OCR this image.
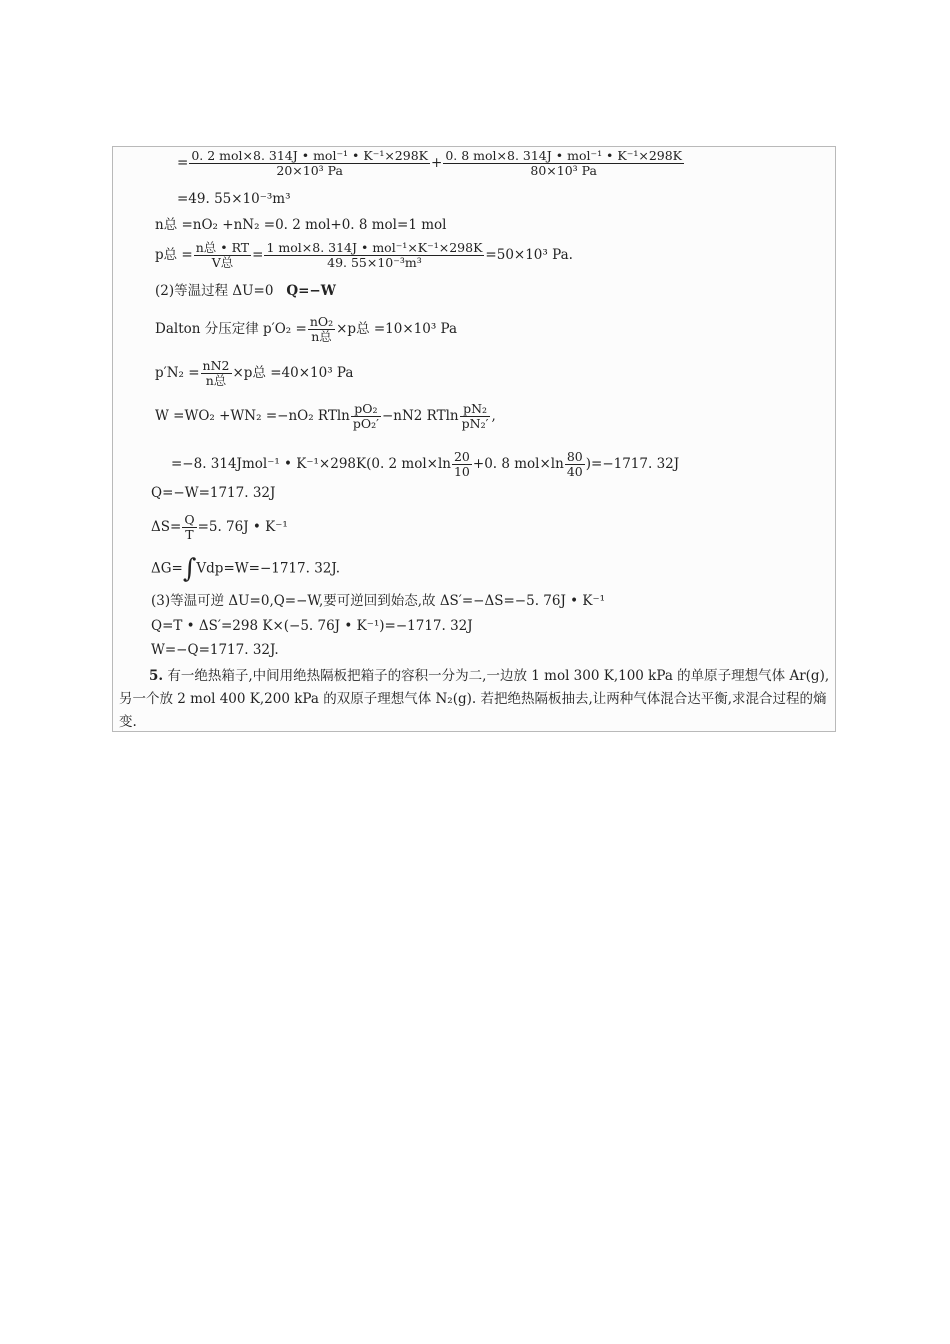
= $\frac{\text{0. 2 mol×8. 314J • mol⁻¹ • K⁻¹×298K}}{\text{20×10³ Pa}} + \frac{\text{0. 8 mol×8. 314J • mol⁻¹ • K⁻¹×298K}}{\text{80×10³ Pa}}$
=49. 55×10⁻³m³
n总 =nO₂ +nN₂ =0. 2 mol+0. 8 mol=1 mol
p总 = $\frac{\text{n总 • RT}}{\text{V总}} = \frac{\text{1 mol×8. 314J • mol⁻¹×K⁻¹×298K}}{\text{49. 55×10⁻³m³}} =50\times 10^3$ Pa.
(2)等温过程 ΔU=0 Q=−W
Dalton 分压定律 $p'O_2 = \frac{\text{nO₂}}{\text{n总}} \times p$总 =10×10³ Pa
$p'N_2 = \frac{nN2}{\text{n总}} \times p$总 =40×10³ Pa
W =WO₂ +WN₂ =−nO₂ RTln $\frac{\text{pO₂}}{\text{pO₂′}} -nN2$ RTln $\frac{\text{pN₂}}{\text{pN₂′}}$ ,
=−8. 314Jmol⁻¹ • K⁻¹×298K(0. 2 $mol\times\ln \frac{20}{10} +0$. 8 $mol\times\ln \frac{80}{40} )=-1717$. 32J
Q=−W=1717. 32J
$\Delta S= \frac{Q}{T} =5$. 76J • K⁻¹
ΔG=∫Vdp=W=−1717. 32J.
(3)等温可逆 ΔU=0,Q=−W,要可逆回到始态,故 ΔS′=−ΔS=−5. 76J • K⁻¹
Q=T • ΔS′=298 K×(−5. 76J • K⁻¹)=−1717. 32J
W=−Q=1717. 32J.
5. 有一绝热箱子,中间用绝热隔板把箱子的容积一分为二,一边放 1 mol 300 K,100 kPa 的单原子理想气体 Ar(g),另一个放 2 mol 400 K,200 kPa 的双原子理想气体 N₂(g). 若把绝热隔板抽去,让两种气体混合达平衡,求混合过程的熵变.
